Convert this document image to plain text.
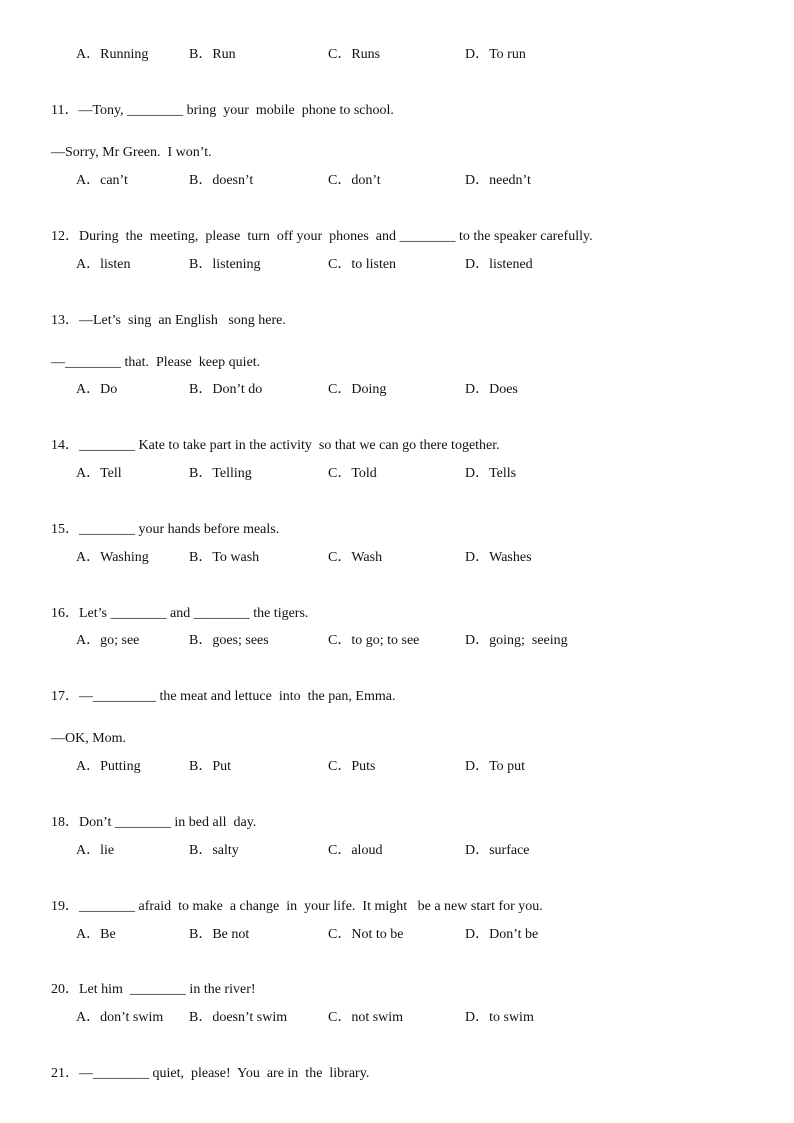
A．Running	B．Run	C．Runs	D．To run

11．—Tony, ________ bring  your  mobile  phone to school.

—Sorry, Mr Green.  I won’t.

A．can’t	B．doesn’t	C．don’t	D．needn’t

12．During  the  meeting,  please  turn  off your  phones  and ________ to the speaker carefully.

A．listen	B．listening	C．to listen	D．listened

13．—Let’s  sing  an English   song here.

—________ that.  Please  keep quiet.

A．Do	B．Don’t do	C．Doing	D．Does

14．________ Kate to take part in the activity  so that we can go there together.

A．Tell	B．Telling	C．Told	D．Tells

15．________ your hands before meals.

A．Washing	B．To wash	C．Wash	D．Washes

16．Let’s ________ and ________ the tigers.

A．go; see	B．goes; sees	C．to go; to see	D．going;  seeing

17．—_________ the meat and lettuce  into  the pan, Emma.

—OK, Mom.

A．Putting	B．Put	C．Puts	D．To put

18．Don’t ________ in bed all  day.

A．lie	B．salty	C．aloud	D．surface

19．________ afraid  to make  a change  in  your life.  It might   be a new start for you.

A．Be	B．Be not	C．Not to be	D．Don’t be

20．Let him  ________ in the river!

A．don’t swim B．doesn’t swim	C．not swim	D．to swim

21．—________ quiet,  please!  You  are in  the  library.
